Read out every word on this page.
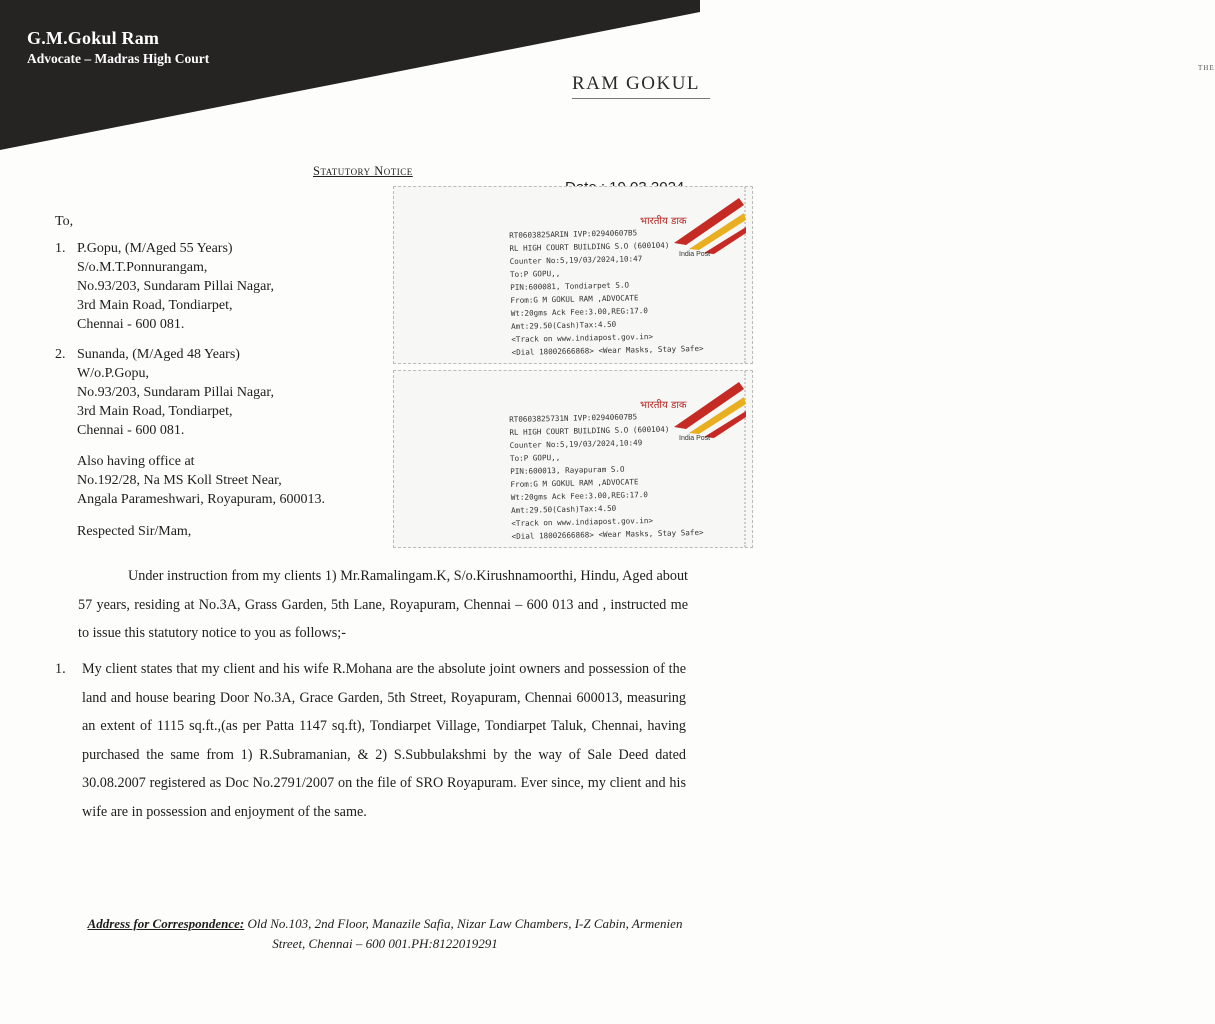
G.M.Gokul Ram
Advocate – Madras High Court
THE
RAM GOKUL
Statutory Notice
To,
1. P.Gopu, (M/Aged 55 Years)
S/o.M.T.Ponnurangam,
No.93/203, Sundaram Pillai Nagar,
3rd Main Road, Tondiarpet,
Chennai - 600 081.
2. Sunanda, (M/Aged 48 Years)
W/o.P.Gopu,
No.93/203, Sundaram Pillai Nagar,
3rd Main Road, Tondiarpet,
Chennai - 600 081.
Also having office at
No.192/28, Na MS Koll Street Near,
Angala Parameshwari, Royapuram, 600013.
Respected Sir/Mam,
भारतीय डाक
India Post
RT0603825ARIN IVP:02940607B5
RL HIGH COURT BUILDING S.O (600104)
Counter No:5,19/03/2024,10:47
To:P GOPU,,
PIN:600081, Tondiarpet S.O
From:G M GOKUL RAM ,ADVOCATE
Wt:20gms Ack Fee:3.00,REG:17.0
Amt:29.50(Cash)Tax:4.50
<Track on www.indiapost.gov.in>
<Dial 18002666868> <Wear Masks, Stay Safe>
भारतीय डाक
India Post
RT0603825731N IVP:02940607B5
RL HIGH COURT BUILDING S.O (600104)
Counter No:5,19/03/2024,10:49
To:P GOPU,,
PIN:600013, Rayapuram S.O
From:G M GOKUL RAM ,ADVOCATE
Wt:20gms Ack Fee:3.00,REG:17.0
Amt:29.50(Cash)Tax:4.50
<Track on www.indiapost.gov.in>
<Dial 18002666868> <Wear Masks, Stay Safe>
Under instruction from my clients 1) Mr.Ramalingam.K, S/o.Kirushnamoorthi, Hindu, Aged about 57 years, residing at No.3A, Grass Garden, 5th Lane, Royapuram, Chennai – 600 013 and , instructed me to issue this statutory notice to you as follows;-
1. My client states that my client and his wife R.Mohana are the absolute joint owners and possession of the land and house bearing Door No.3A, Grace Garden, 5th Street, Royapuram, Chennai 600013, measuring an extent of 1115 sq.ft.,(as per Patta 1147 sq.ft), Tondiarpet Village, Tondiarpet Taluk, Chennai, having purchased the same from 1) R.Subramanian, & 2) S.Subbulakshmi by the way of Sale Deed dated 30.08.2007 registered as Doc No.2791/2007 on the file of SRO Royapuram. Ever since, my client and his wife are in possession and enjoyment of the same.
Address for Correspondence: Old No.103, 2nd Floor, Manazile Safia, Nizar Law Chambers, I-Z Cabin, Armenien Street, Chennai – 600 001.PH:8122019291
